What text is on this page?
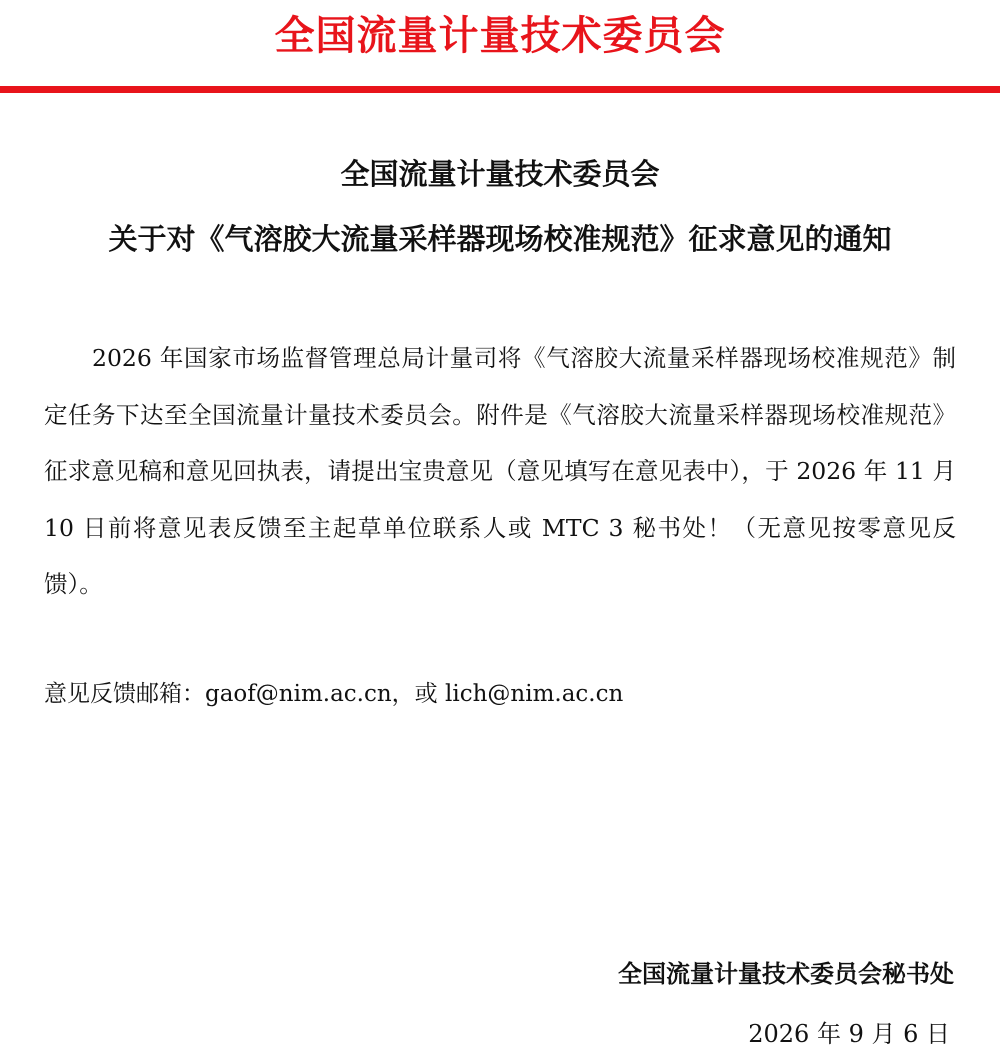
全国流量计量技术委员会
全国流量计量技术委员会
关于对《气溶胶大流量采样器现场校准规范》征求意见的通知

2026 年国家市场监督管理总局计量司将《气溶胶大流量采样器现场校准规范》制定任务下达至全国流量计量技术委员会。附件是《气溶胶大流量采样器现场校准规范》征求意见稿和意见回执表，请提出宝贵意见（意见填写在意见表中），于 2026 年 11 月 10 日前将意见表反馈至主起草单位联系人或 MTC 3 秘书处！（无意见按零意见反馈）。

意见反馈邮箱：gaof@nim.ac.cn，或 lich@nim.ac.cn
全国流量计量技术委员会秘书处
2026 年 9 月 6 日
